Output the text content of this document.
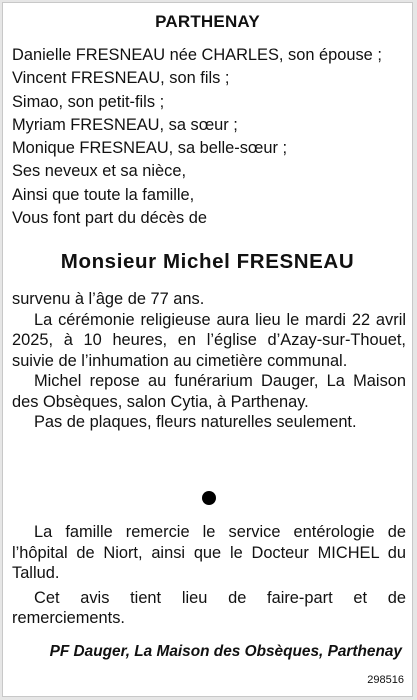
PARTHENAY
Danielle FRESNEAU née CHARLES, son épouse ;
Vincent FRESNEAU, son fils ;
Simao, son petit-fils ;
Myriam FRESNEAU, sa sœur ;
Monique FRESNEAU, sa belle-sœur ;
Ses neveux et sa nièce,
Ainsi que toute la famille,
Vous font part du décès de
Monsieur Michel FRESNEAU

survenu à l’âge de 77 ans.

La cérémonie religieuse aura lieu le mardi 22 avril 2025, à 10 heures, en l’église d’Azay-sur-Thouet, suivie de l’inhumation au cimetière communal.

Michel repose au funérarium Dauger, La Maison des Obsèques, salon Cytia, à Parthenay.

Pas de plaques, fleurs naturelles seulement.

La famille remercie le service entérologie de l’hôpital de Niort, ainsi que le Docteur MICHEL du Tallud.

Cet avis tient lieu de faire-part et de remerciements.

PF Dauger, La Maison des Obsèques, Parthenay
298516
